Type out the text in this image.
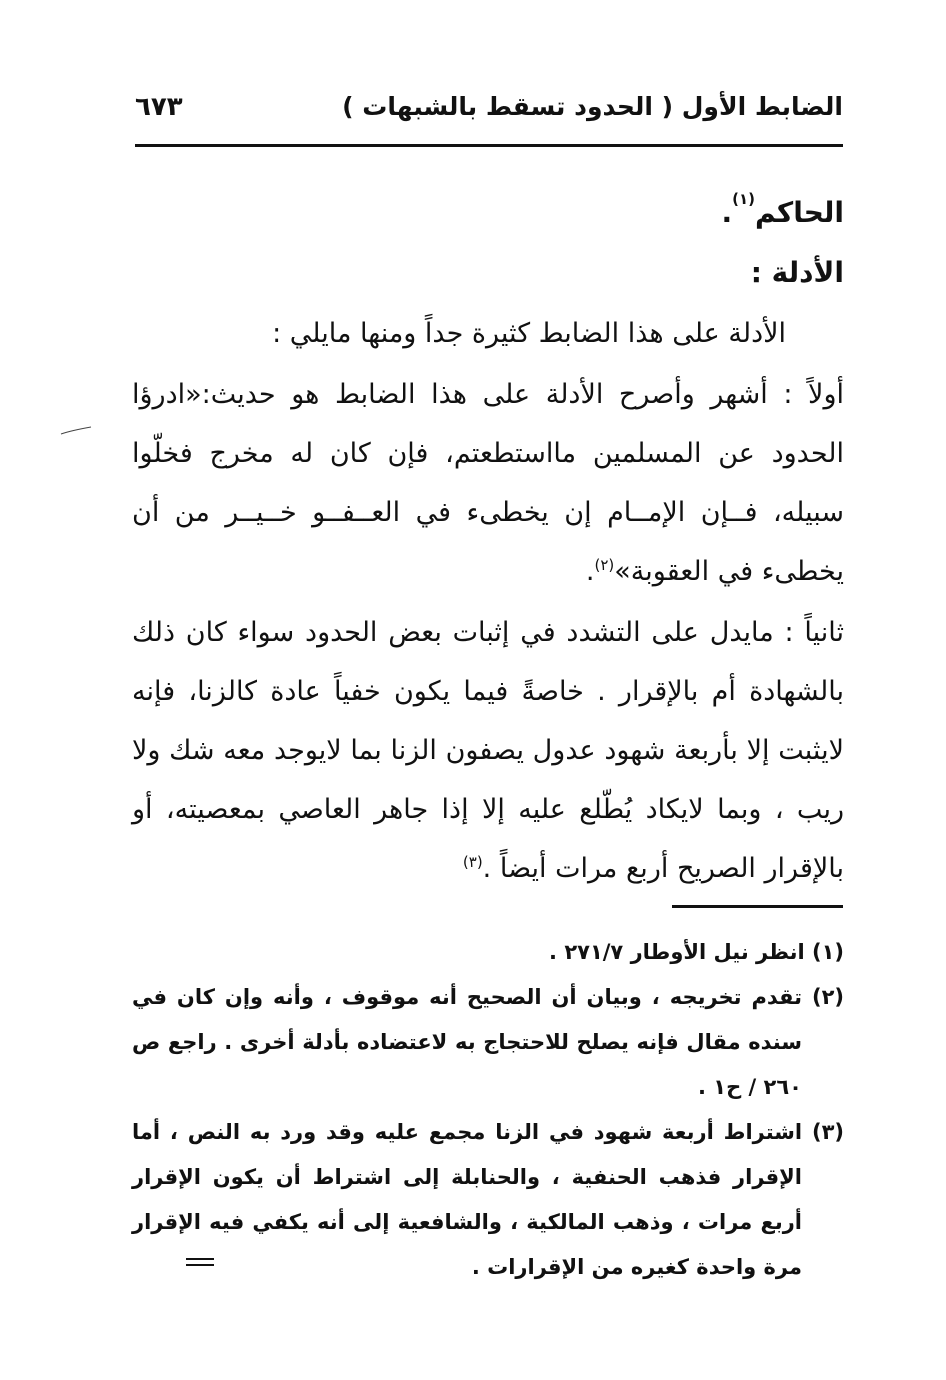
الضابط الأول ( الحدود تسقط بالشبهات )
٦٧٣
الحاكم$^{(١)}$.
الأدلة :
الأدلة على هذا الضابط كثيرة جداً ومنها مايلي :
أولاً : أشهر وأصرح الأدلة على هذا الضابط هو حديث:«ادرؤا الحدود عن المسلمين مااستطعتم، فإن كان له مخرج فخلّوا سبيله، فــإن الإمــام إن يخطىء في العــفــو خــيــر من أن يخطىء في العقوبة»$^{(٢)}$.
ثانياً : مايدل على التشدد في إثبات بعض الحدود سواء كان ذلك بالشهادة أم بالإقرار . خاصةً فيما يكون خفياً عادة كالزنا، فإنه لايثبت إلا بأربعة شهود عدول يصفون الزنا بما لايوجد معه شك ولا ريب ، وبما لايكاد يُطّلع عليه إلا إذا جاهر العاصي بمعصيته، أو بالإقرار الصريح أربع مرات أيضاً .$^{(٣)}$
(١) انظر نيل الأوطار ٢٧١/٧ .
(٢) تقدم تخريجه ، وبيان أن الصحيح أنه موقوف ، وأنه وإن كان في سنده مقال فإنه يصلح للاحتجاج به لاعتضاده بأدلة أخرى . راجع ص ٢٦٠ / ح١ .
(٣) اشتراط أربعة شهود في الزنا مجمع عليه وقد ورد به النص ، أما الإقرار فذهب الحنفية ، والحنابلة إلى اشتراط أن يكون الإقرار أربع مرات ، وذهب المالكية ، والشافعية إلى أنه يكفي فيه الإقرار مرة واحدة كغيره من الإقرارات .
